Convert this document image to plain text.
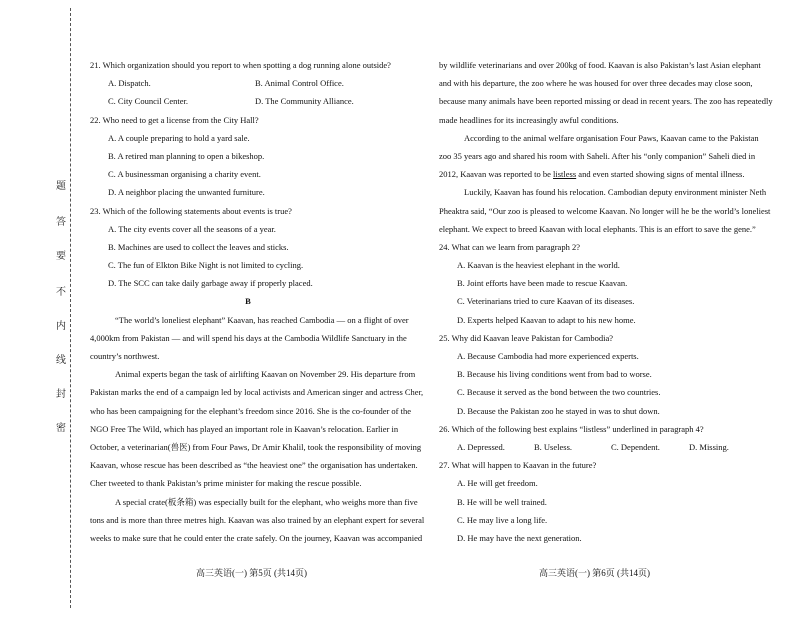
题
答
要
不
内
线
封
密
21. Which organization should you report to when spotting a dog running alone outside?
A. Dispatch.	B. Animal Control Office.
C. City Council Center.	D. The Community Alliance.
22. Who need to get a license from the City Hall?
A. A couple preparing to hold a yard sale.
B. A retired man planning to open a bikeshop.
C. A businessman organising a charity event.
D. A neighbor placing the unwanted furniture.
23. Which of the following statements about events is true?
A. The city events cover all the seasons of a year.
B. Machines are used to collect the leaves and sticks.
C. The fun of Elkton Bike Night is not limited to cycling.
D. The SCC can take daily garbage away if properly placed.
B
“The world’s loneliest elephant” Kaavan, has reached Cambodia — on a flight of over
4,000km from Pakistan — and will spend his days at the Cambodia Wildlife Sanctuary in the
country’s northwest.
Animal experts began the task of airlifting Kaavan on November 29. His departure from
Pakistan marks the end of a campaign led by local activists and American singer and actress Cher,
who has been campaigning for the elephant’s freedom since 2016. She is the co-founder of the
NGO Free The Wild, which has played an important role in Kaavan’s relocation. Earlier in
October, a veterinarian(兽医) from Four Paws, Dr Amir Khalil, took the responsibility of moving
Kaavan, whose rescue has been described as “the heaviest one” the organisation has undertaken.
Cher tweeted to thank Pakistan’s prime minister for making the rescue possible.
A special crate(板条箱) was especially built for the elephant, who weighs more than five
tons and is more than three metres high. Kaavan was also trained by an elephant expert for several
weeks to make sure that he could enter the crate safely. On the journey, Kaavan was accompanied
高三英语(一) 第5页 (共14页)
by wildlife veterinarians and over 200kg of food. Kaavan is also Pakistan’s last Asian elephant
and with his departure, the zoo where he was housed for over three decades may close soon,
because many animals have been reported missing or dead in recent years. The zoo has repeatedly
made headlines for its increasingly awful conditions.
According to the animal welfare organisation Four Paws, Kaavan came to the Pakistan
zoo 35 years ago and shared his room with Saheli. After his “only companion” Saheli died in
2012, Kaavan was reported to be listless and even started showing signs of mental illness.
Luckily, Kaavan has found his relocation. Cambodian deputy environment minister Neth
Pheaktra said, “Our zoo is pleased to welcome Kaavan. No longer will he be the world’s loneliest
elephant. We expect to breed Kaavan with local elephants. This is an effort to save the gene.”
24. What can we learn from paragraph 2?
A. Kaavan is the heaviest elephant in the world.
B. Joint efforts have been made to rescue Kaavan.
C. Veterinarians tried to cure Kaavan of its diseases.
D. Experts helped Kaavan to adapt to his new home.
25. Why did Kaavan leave Pakistan for Cambodia?
A. Because Cambodia had more experienced experts.
B. Because his living conditions went from bad to worse.
C. Because it served as the bond between the two countries.
D. Because the Pakistan zoo he stayed in was to shut down.
26. Which of the following best explains “listless” underlined in paragraph 4?
A. Depressed.	B. Useless.	C. Dependent.	D. Missing.
27. What will happen to Kaavan in the future?
A. He will get freedom.
B. He will be well trained.
C. He may live a long life.
D. He may have the next generation.
高三英语(一) 第6页 (共14页)
